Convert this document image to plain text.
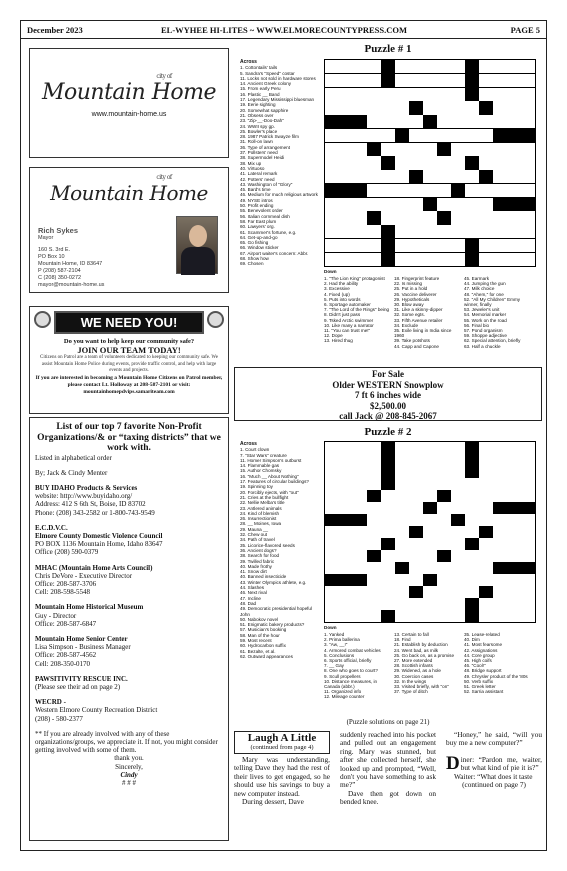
December 2023	EL-WYHEE HI-LITES ~ WWW.ELMORECOUNTYPRESS.COM	PAGE 5
city of
Mountain Home
www.mountain-home.us
city of
Mountain Home
Rich Sykes
Mayor
160 S. 3rd E.
PO Box 10
Mountain Home, ID 83647
P (208) 587-2104
C (208) 350-0272
mayor@mountain-home.us
WE NEED YOU!
Do you want to help keep our community safe?
JOIN OUR TEAM TODAY!
Citizens on Patrol are a team of volunteers dedicated to keeping our community safe. We assist Mountain Home Police during events, provide traffic control, and help with large events and projects.
If you are interested in becoming a Mountain Home Citizens on Patrol member, please contact Lt. Holloway at 208-587-2101 or visit: mountainhomepdvips.samariteam.com
List of our top 7 favorite Non-Profit Organizations/& or “taxing districts” that we work with.
Listed in alphabetical order
By; Jack & Cindy Menter
BUY IDAHO Products & Services
website: http://www.buyidaho.org/
Address: 412 S 6th St, Boise, ID 83702
Phone: (208) 343-2582 or 1-800-743-9549
E.C.D.V.C.
Elmore County Domestic Violence Council
PO BOX 1136 Mountain Home, Idaho 83647
Office (208) 590-0379
MHAC (Mountain Home Arts Council)
Chris DeVore - Executive Director
Office: 208-587-3706
Cell: 208-598-5548
Mountain Home Historical Museum
Guy - Director
Office: 208-587-6847
Mountain Home Senior Center
Lisa Simpson - Business Manager
Office: 208-587-4562
Cell: 208-350-0170
PAWSITIVITY RESCUE INC.
(Please see their ad on page 2)
WECRD -
Western Elmore County Recreation District
(208) - 580-2377
** If you are already involved with any of these organizations/groups, we appreciate it. If not, you might consider getting involved with some of them.
thank you.
Sincerely,
Cindy
# # #
Puzzle # 1
Across
1. Cottontails' tails
5. Sandra's "Speed" costar
11. Locks not sold in hardware stores
14. Ancient Greek colony
15. From early Peru
16. Plastic __ Band
17. Legendary Mississippi bluesman
19. Eerie sighting
20. Somewhat sapphire
21. Obsess over
23. "Zip-__-Doo-Dah"
24. WWII spy gp.
25. Bowler's place
28. 1987 Patrick Swayze film
31. Roll-on lawn
36. Type of arrangement
37. Pollsters' need
38. Supermodel Heidi
38. Mix up
40. Virtuoso
41. Lateral remark
42. Potters' need
43. Washington of "Glory"
45. Bard's time
46. Medium for much religious artwork
49. NYSE intros
50. Profit ending
55. Benevolent order
56. Italian cornmeal dish
58. Far East plum
60. Lawyers' org.
61. Scammer's fortune, e.g.
64. Get-up-and-go
65. Go fishing
66. Window sticker
67. Airport waiter's concern: Abbr.
68. Show how
69. Chosen
Down
1. "The Lion King" protagonist
2. Had the ability
3. Excessive
4. Fixed (up)
5. Puts into words
6. Sportage automaker
7. "The Lord of the Rings" being
8. Didn't just pass
9. Tsked Arctic swimmer
10. Like many a narrator
11. "You can trust me!"
12. Dope
13. Hired thug
18. Fingerprint feature
22. Is missing
25. Put in a hold
26. Vaccine deliverer
29. Hypotheticals
30. Blow away
31. Like a skinny-dipper
32. Some egts.
33. Fifth Avenue retailer
34. Exclude
35. Exile living in India since 1960
39. Take potshots
44. Capp and Capone
45. Earmark
44. Jumping the gun
47. Milk choice
48. "Ahem," for one
52. "All My Children" Emmy winner, finally
53. Jeweler's unit
54. Memorial marker
55. Work on the road
56. Final bio
57. Pond organism
59. Shoppe adjective
62. Special attention, briefly
63. Half a chuckle
For Sale
Older WESTERN Snowplow
7 ft 6 inches wide
$2,500.00
call Jack @ 208-845-2067
Puzzle # 2
Across
1. Court clown
7. "Star Wars" creature
11. Homer Simpson's outburst
14. Flammable gas
15. Author Chomsky
16. "Much __ About Nothing"
17. Features of circular buildings?
19. Spinning toy
20. Forcibly ejects, with "out"
21. Cries at the bullfight
22. Nellie Melba's title
23. Antlered animals
24. Kind of blemish
26. Insurrectionist
28. __ Moines, Iowa
29. Mauna __
32. Chew out
34. Path of travel
35. Licorice-flavored seeds
36. Ancient dogs?
38. Search for food
39. Twilled fabric
40. Made frothy
41. Snow dirt
40. Banned insecticide
43. Winter Olympics athlete, e.g.
44. Slashes
46. Next rival
47. Incline
48. Dad
49. Democratic presidential hopeful John
50. Nabokov novel
51. Enigmatic bakery products?
57. Musician's booking
58. Man of the hour
59. Most recent
60. Hydrocarbon suffix
61. Bezalte, et al.
62. Outward appearances
Down
1. Yanked
2. Prima ballerina
3. "Aw, __!"
4. Armored combat vehicles
5. Conclusions
6. Sports official, briefly
7. __ Gay
8. One who goes to court?
9. Scull propellers
10. Distance measures, in Canada (abbr.)
11. Organized info
12. Mileage counter
13. Certain to fall
18. Find
21. Establish by deduction
24. Went bad, as milk
25. Go back on, as a promise
27. More extended
28. Scottish infants
29. Widened, as a hole
30. Coercion cases
32. In the wings
33. Visited briefly, with "on"
37. Type of ditch
35. Lease-related
40. Dim
41. Most fearsome
42. Assignations
44. Core group
45. High coifs
46. "Cool!"
48. Bridge support
49. Chrysler product of the '80s
50. Verb suffix
51. Greek letter
52. Sarria assistant
(Puzzle solutions on page 21)
Laugh A Little
(continued from page 4)

Mary was understanding, telling Dave they had the rest of their lives to get engaged, so he should use his savings to buy a new computer instead.

During dessert, Dave

suddenly reached into his pocket and pulled out an engagement ring. Mary was stunned, but after she collected herself, she looked up and prompted, “Well, don't you have something to ask me?”

Dave then got down on bended knee.

“Honey,” he said, “will you buy me a new computer?”

Diner: “Pardon me, waiter, but what kind of pie it is?”

Waiter: “What does it taste

(continued on page 7)
